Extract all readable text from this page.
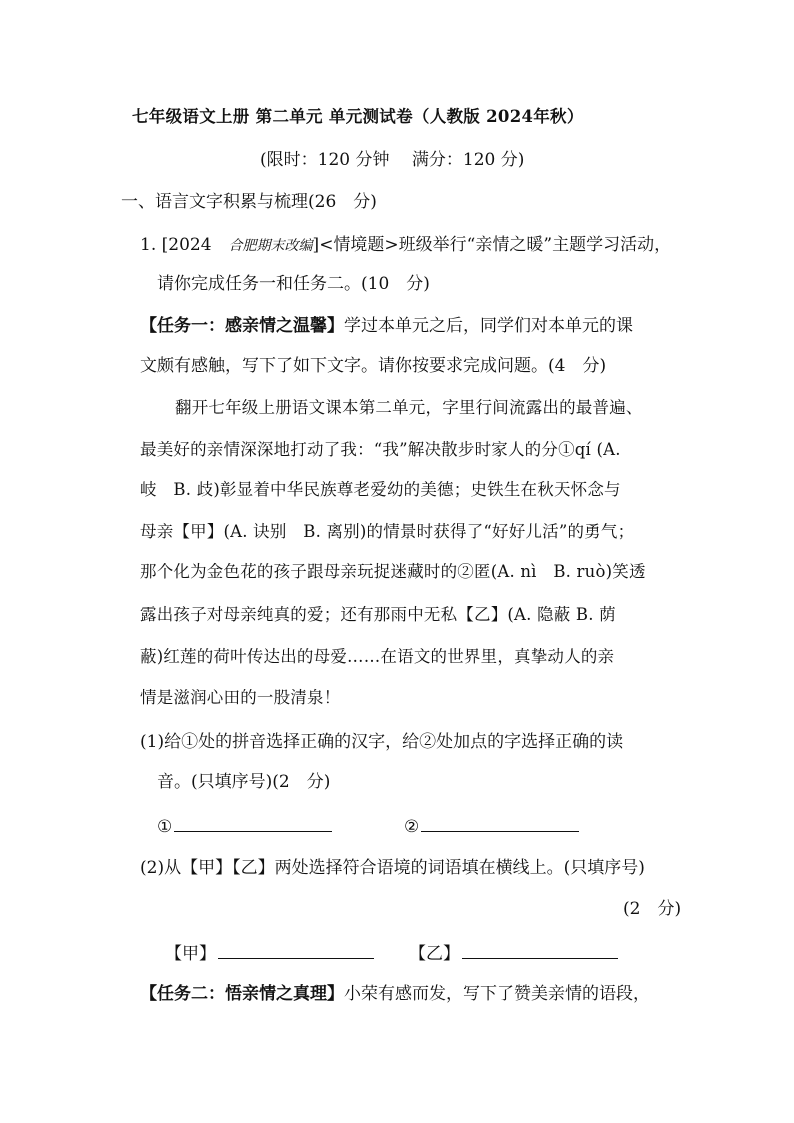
七年级语文上册 第二单元 单元测试卷（人教版 2024年秋）
(限时：120 分钟　 满分：120 分)
一、语言文字积累与梳理(26　分)
1. [2024　合肥期末改编]<情境题>班级举行“亲情之暖”主题学习活动，
请你完成任务一和任务二。(10　分)
【任务一：感亲情之温馨】学过本单元之后，同学们对本单元的课
文颇有感触，写下了如下文字。请你按要求完成问题。(4　分)
翻开七年级上册语文课本第二单元，字里行间流露出的最普遍、
最美好的亲情深深地打动了我：“我”解决散步时家人的分①qí (A.
岐　B. 歧)彰显着中华民族尊老爱幼的美德；史铁生在秋天怀念与
母亲【甲】(A. 诀别　B. 离别)的情景时获得了“好好儿活”的勇气；
那个化为金色花的孩子跟母亲玩捉迷藏时的②匿(A. nì　B. ruò)笑透
露出孩子对母亲纯真的爱；还有那雨中无私【乙】(A. 隐蔽 B. 荫
蔽)红莲的荷叶传达出的母爱……在语文的世界里，真挚动人的亲
情是滋润心田的一股清泉！
(1)给①处的拼音选择正确的汉字，给②处加点的字选择正确的读
音。(只填序号)(2　分)
①	②
(2)从【甲】【乙】两处选择符合语境的词语填在横线上。(只填序号)
(2　分)
【甲】	【乙】
【任务二：悟亲情之真理】小荣有感而发，写下了赞美亲情的语段，
